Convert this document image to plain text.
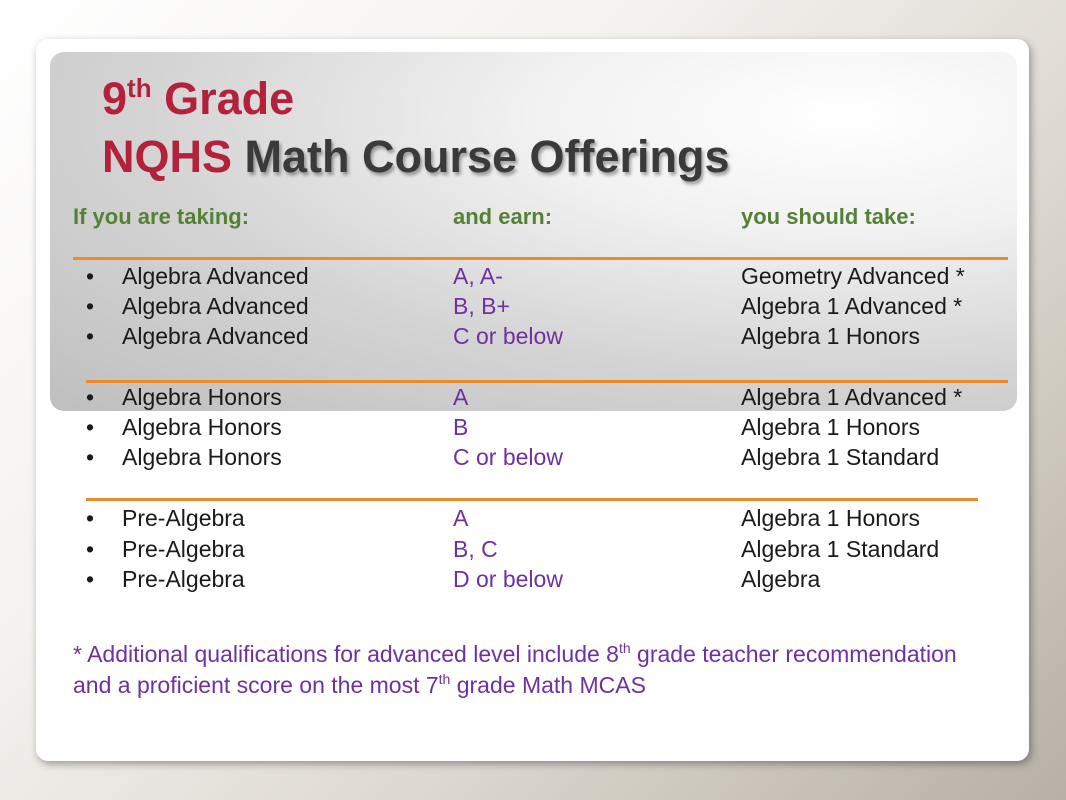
9th Grade
NQHS Math Course Offerings
If you are taking:	and earn:	you should take:
• Algebra Advanced	A, A-	Geometry Advanced *
• Algebra Advanced	B, B+	Algebra 1 Advanced *
• Algebra Advanced	C or below	Algebra 1 Honors
• Algebra Honors	A	Algebra 1 Advanced *
• Algebra Honors	B	Algebra 1 Honors
• Algebra Honors	C or below	Algebra 1 Standard
• Pre-Algebra	A	Algebra 1 Honors
• Pre-Algebra	B, C	Algebra 1 Standard
• Pre-Algebra	D or below	Algebra
* Additional qualifications for advanced level include 8th grade teacher recommendation and a proficient score on the most 7th grade Math MCAS
